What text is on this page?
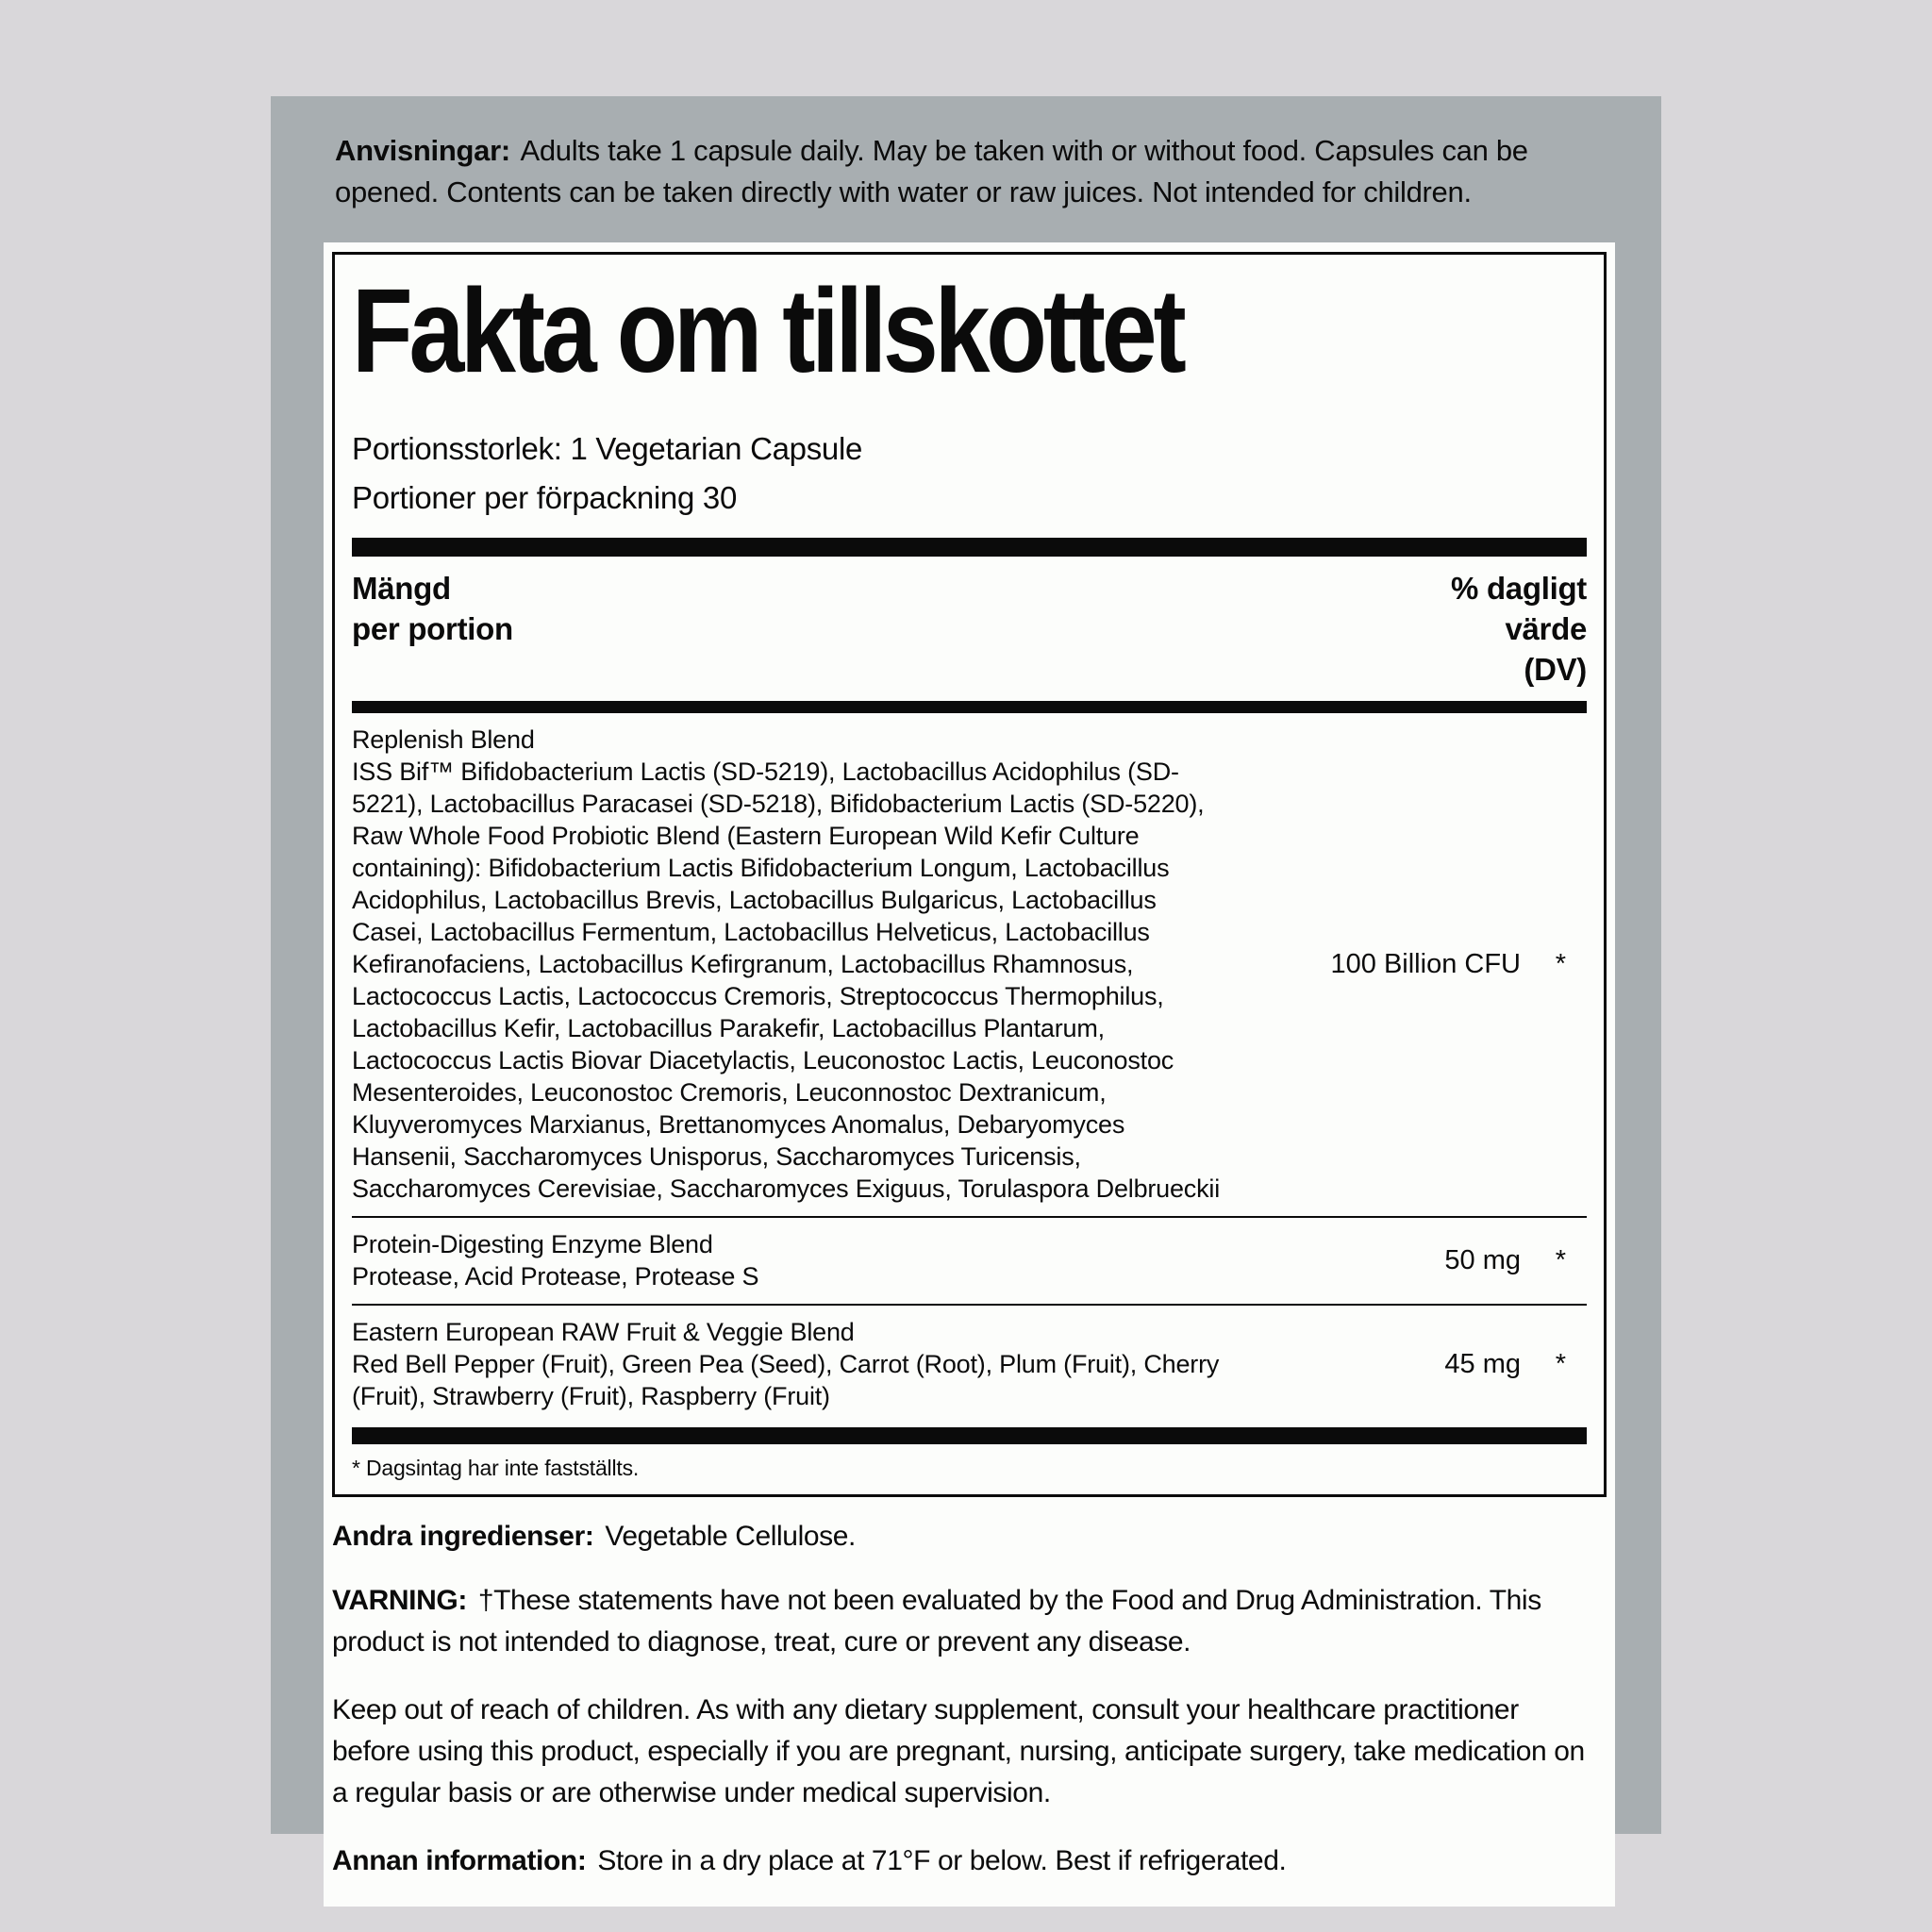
Anvisningar: Adults take 1 capsule daily. May be taken with or without food. Capsules can be opened. Contents can be taken directly with water or raw juices. Not intended for children.

Fakta om tillskottet

Portionsstorlek: 1 Vegetarian Capsule

Portioner per förpackning 30

Mängd
per portion
% dagligt
värde
(DV)
Replenish Blend
ISS Bif™ Bifidobacterium Lactis (SD-5219), Lactobacillus Acidophilus (SD-5221), Lactobacillus Paracasei (SD-5218), Bifidobacterium Lactis (SD-5220), Raw Whole Food Probiotic Blend (Eastern European Wild Kefir Culture containing): Bifidobacterium Lactis Bifidobacterium Longum, Lactobacillus Acidophilus, Lactobacillus Brevis, Lactobacillus Bulgaricus, Lactobacillus Casei, Lactobacillus Fermentum, Lactobacillus Helveticus, Lactobacillus Kefiranofaciens, Lactobacillus Kefirgranum, Lactobacillus Rhamnosus, Lactococcus Lactis, Lactococcus Cremoris, Streptococcus Thermophilus, Lactobacillus Kefir, Lactobacillus Parakefir, Lactobacillus Plantarum, Lactococcus Lactis Biovar Diacetylactis, Leuconostoc Lactis, Leuconostoc Mesenteroides, Leuconostoc Cremoris, Leuconnostoc Dextranicum, Kluyveromyces Marxianus, Brettanomyces Anomalus, Debaryomyces Hansenii, Saccharomyces Unisporus, Saccharomyces Turicensis, Saccharomyces Cerevisiae, Saccharomyces Exiguus, Torulaspora Delbrueckii
100 Billion CFU	*
Protein-Digesting Enzyme Blend
Protease, Acid Protease, Protease S
50 mg	*
Eastern European RAW Fruit & Veggie Blend
Red Bell Pepper (Fruit), Green Pea (Seed), Carrot (Root), Plum (Fruit), Cherry (Fruit), Strawberry (Fruit), Raspberry (Fruit)
45 mg	*

* Dagsintag har inte fastställts.

Andra ingredienser: Vegetable Cellulose.

VARNING: †These statements have not been evaluated by the Food and Drug Administration. This product is not intended to diagnose, treat, cure or prevent any disease.

Keep out of reach of children. As with any dietary supplement, consult your healthcare practitioner before using this product, especially if you are pregnant, nursing, anticipate surgery, take medication on a regular basis or are otherwise under medical supervision.

Annan information: Store in a dry place at 71°F or below. Best if refrigerated.
